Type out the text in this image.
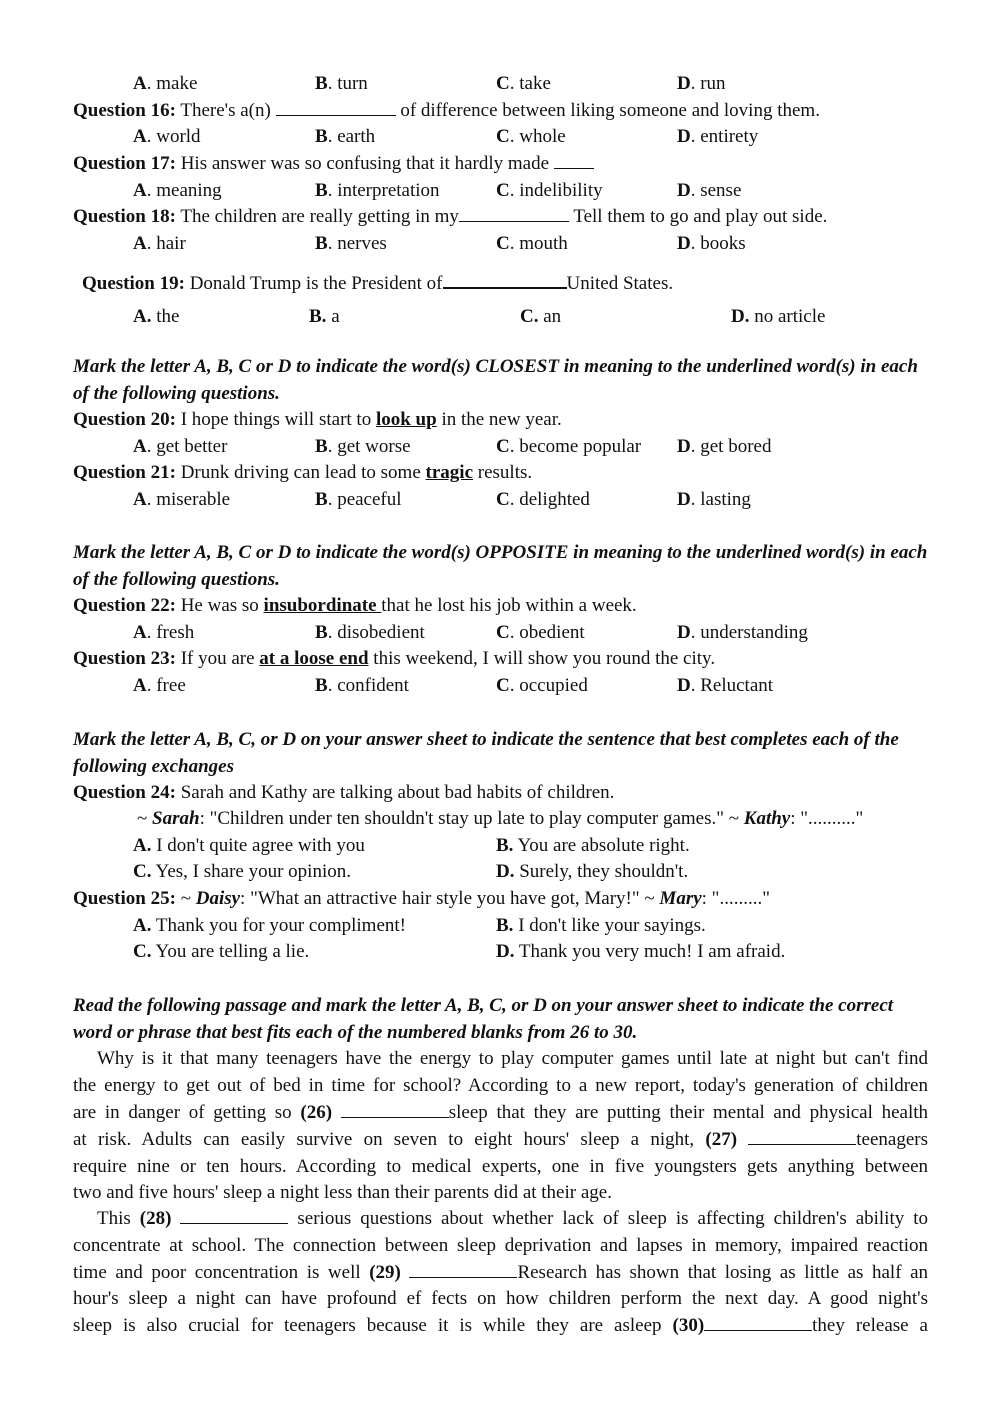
A. make	B. turn	C. take	D. run
Question 16: There's a(n)	of difference between liking someone and loving them.
A. world	B. earth	C. whole	D. entirety
Question 17: His answer was so confusing that it hardly made
A. meaning	B. interpretation	C. indelibility	D. sense
Question 18: The children are really getting in my	Tell them to go and play out side.
A. hair	B. nerves	C. mouth	D. books
Question 19: Donald Trump is the President of	United States.
A. the	B. a	C. an	D. no article
Mark the letter A, B, C or D to indicate the word(s) CLOSEST in meaning to the underlined word(s) in each of the following questions.
Question 20: I hope things will start to look up in the new year.
A. get better	B. get worse	C. become popular D. get bored
Question 21: Drunk driving can lead to some tragic results.
A. miserable	B. peaceful	C. delighted	D. lasting
Mark the letter A, B, C or D to indicate the word(s) OPPOSITE in meaning to the underlined word(s) in each of the following questions.
Question 22: He was so insubordinate that he lost his job within a week.
A. fresh	B. disobedient	C. obedient	D. understanding
Question 23: If you are at a loose end this weekend, I will show you round the city.
A. free	B. confident	C. occupied	D. Reluctant
Mark the letter A, B, C, or D on your answer sheet to indicate the sentence that best completes each of the following exchanges
Question 24: Sarah and Kathy are talking about bad habits of children.
~ Sarah: "Children under ten shouldn't stay up late to play computer games." ~ Kathy: ".........."
A. I don't quite agree with you	B. You are absolute right.
C. Yes, I share your opinion.	D. Surely, they shouldn't.
Question 25: ~ Daisy: "What an attractive hair style you have got, Mary!" ~ Mary: "........."
A. Thank you for your compliment!	B. I don't like your sayings.
C. You are telling a lie.	D. Thank you very much! I am afraid.
Read the following passage and mark the letter A, B, C, or D on your answer sheet to indicate the correct word or phrase that best fits each of the numbered blanks from 26 to 30.
Why is it that many teenagers have the energy to play computer games until late at night but can't find
the energy to get out of bed in time for school? According to a new report, today's generation of children
are in danger of getting so (26)	sleep that they are putting their mental and physical health
at risk. Adults can easily survive on seven to eight hours' sleep a night, (27)	teenagers
require nine or ten hours. According to medical experts, one in five youngsters gets anything between
two and five hours' sleep a night less than their parents did at their age.
This (28)	serious questions about whether lack of sleep is affecting children's ability to
concentrate at school. The connection between sleep deprivation and lapses in memory, impaired reaction
time and poor concentration is well (29)	Research has shown that losing as little as half an
hour's sleep a night can have profound ef fects on how children perform the next day. A good night's
sleep is also crucial for teenagers because it is while they are asleep (30)	they release a
